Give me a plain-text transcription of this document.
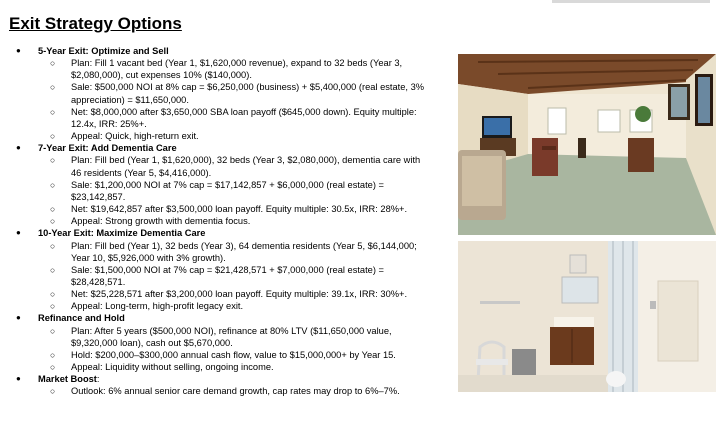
Exit Strategy Options
● 5-Year Exit: Optimize and Sell
○ Plan: Fill 1 vacant bed (Year 1, $1,620,000 revenue), expand to 32 beds (Year 3,
$2,080,000), cut expenses 10% ($140,000).
○ Sale: $500,000 NOI at 8% cap = $6,250,000 (business) + $5,400,000 (real estate, 3%
appreciation) = $11,650,000.
○ Net: $8,000,000 after $3,650,000 SBA loan payoff ($645,000 down). Equity multiple:
12.4x, IRR: 25%+.
○ Appeal: Quick, high-return exit.
● 7-Year Exit: Add Dementia Care
○ Plan: Fill bed (Year 1, $1,620,000), 32 beds (Year 3, $2,080,000), dementia care with
46 residents (Year 5, $4,416,000).
○ Sale: $1,200,000 NOI at 7% cap = $17,142,857 + $6,000,000 (real estate) =
$23,142,857.
○ Net: $19,642,857 after $3,500,000 loan payoff. Equity multiple: 30.5x, IRR: 28%+.
○ Appeal: Strong growth with dementia focus.
● 10-Year Exit: Maximize Dementia Care
○ Plan: Fill bed (Year 1), 32 beds (Year 3), 64 dementia residents (Year 5, $6,144,000;
Year 10, $5,926,000 with 3% growth).
○ Sale: $1,500,000 NOI at 7% cap = $21,428,571 + $7,000,000 (real estate) =
$28,428,571.
○ Net: $25,228,571 after $3,200,000 loan payoff. Equity multiple: 39.1x, IRR: 30%+.
○ Appeal: Long-term, high-profit legacy exit.
● Refinance and Hold
○ Plan: After 5 years ($500,000 NOI), refinance at 80% LTV ($11,650,000 value,
$9,320,000 loan), cash out $5,670,000.
○ Hold: $200,000–$300,000 annual cash flow, value to $15,000,000+ by Year 15.
○ Appeal: Liquidity without selling, ongoing income.
● Market Boost:
○ Outlook: 6% annual senior care demand growth, cap rates may drop to 6%–7%.
